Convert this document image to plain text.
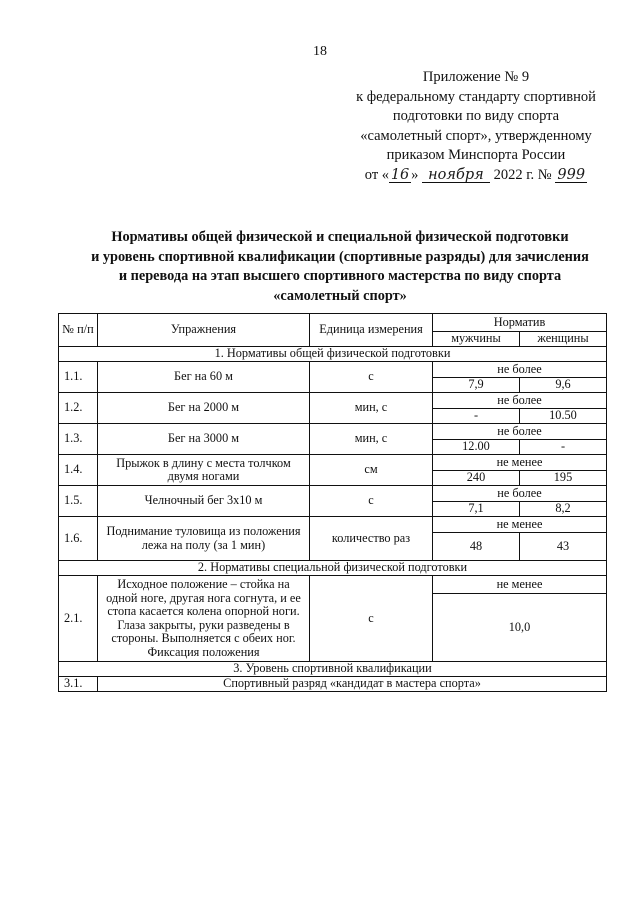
18
Приложение № 9
к федеральному стандарту спортивной
подготовки по виду спорта
«самолетный спорт», утвержденному
приказом Минспорта России
от « 16 » ноября 2022 г. № 999
Нормативы общей физической и специальной физической подготовки
и уровень спортивной квалификации (спортивные разряды) для зачисления
и перевода на этап высшего спортивного мастерства по виду спорта
«самолетный спорт»
№ п/п	Упражнения	Единица измерения	Норматив	
			мужчины	женщины
1. Нормативы общей физической подготовки				
1.1.	Бег на 60 м	с	не более	
			7,9	9,6
1.2.	Бег на 2000 м	мин, с	не более	
			-	10.50
1.3.	Бег на 3000 м	мин, с	не более	
			12.00	-
1.4.	Прыжок в длину с места толчком двумя ногами	см	не менее	
			240	195
1.5.	Челночный бег 3х10 м	с	не более	
			7,1	8,2
1.6.	Поднимание туловища из положения лежа на полу (за 1 мин)	количество раз	не менее	
			48	43
2. Нормативы специальной физической подготовки				
2.1.	Исходное положение – стойка на одной ноге, другая нога согнута, и ее стопа касается колена опорной ноги. Глаза закрыты, руки разведены в стороны. Выполняется с обеих ног. Фиксация положения	с	не менее	
			10,0	
3. Уровень спортивной квалификации				
3.1.	Спортивный разряд «кандидат в мастера спорта»			
